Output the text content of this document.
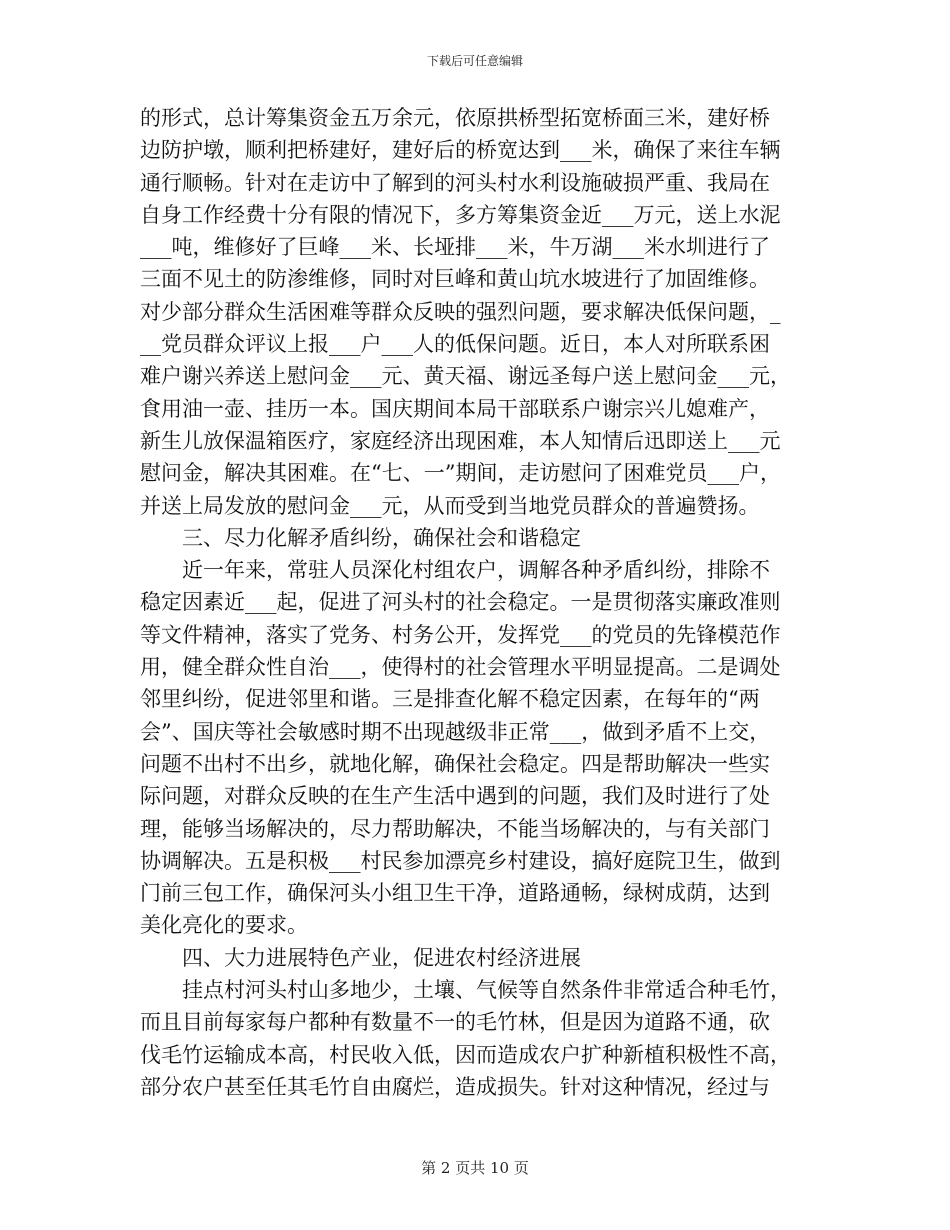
下载后可任意编辑
的形式，总计筹集资金五万余元，依原拱桥型拓宽桥面三米，建好桥
边防护墩，顺利把桥建好，建好后的桥宽达到___米，确保了来往车辆
通行顺畅。针对在走访中了解到的河头村水利设施破损严重、我局在
自身工作经费十分有限的情况下，多方筹集资金近___万元，送上水泥
___吨，维修好了巨峰___米、长垭排___米，牛万湖___米水圳进行了
三面不见土的防渗维修，同时对巨峰和黄山坑水坡进行了加固维修。
对少部分群众生活困难等群众反映的强烈问题，要求解决低保问题，_
__党员群众评议上报___户___人的低保问题。近日，本人对所联系困
难户谢兴养送上慰问金___元、黄天福、谢远圣每户送上慰问金___元，
食用油一壶、挂历一本。国庆期间本局干部联系户谢宗兴儿媳难产，
新生儿放保温箱医疗，家庭经济出现困难，本人知情后迅即送上___元
慰问金，解决其困难。在“七、一”期间，走访慰问了困难党员___户，
并送上局发放的慰问金___元，从而受到当地党员群众的普遍赞扬。
三、尽力化解矛盾纠纷，确保社会和谐稳定
近一年来，常驻人员深化村组农户，调解各种矛盾纠纷，排除不
稳定因素近___起，促进了河头村的社会稳定。一是贯彻落实廉政准则
等文件精神，落实了党务、村务公开，发挥党___的党员的先锋模范作
用，健全群众性自治___，使得村的社会管理水平明显提高。二是调处
邻里纠纷，促进邻里和谐。三是排查化解不稳定因素，在每年的“两
会”、国庆等社会敏感时期不出现越级非正常___，做到矛盾不上交，
问题不出村不出乡，就地化解，确保社会稳定。四是帮助解决一些实
际问题，对群众反映的在生产生活中遇到的问题，我们及时进行了处
理，能够当场解决的，尽力帮助解决，不能当场解决的，与有关部门
协调解决。五是积极___村民参加漂亮乡村建设，搞好庭院卫生，做到
门前三包工作，确保河头小组卫生干净，道路通畅，绿树成荫，达到
美化亮化的要求。
四、大力进展特色产业，促进农村经济进展
挂点村河头村山多地少，土壤、气候等自然条件非常适合种毛竹，
而且目前每家每户都种有数量不一的毛竹林，但是因为道路不通，砍
伐毛竹运输成本高，村民收入低，因而造成农户扩种新植积极性不高，
部分农户甚至任其毛竹自由腐烂，造成损失。针对这种情况，经过与
第 2 页共 10 页
